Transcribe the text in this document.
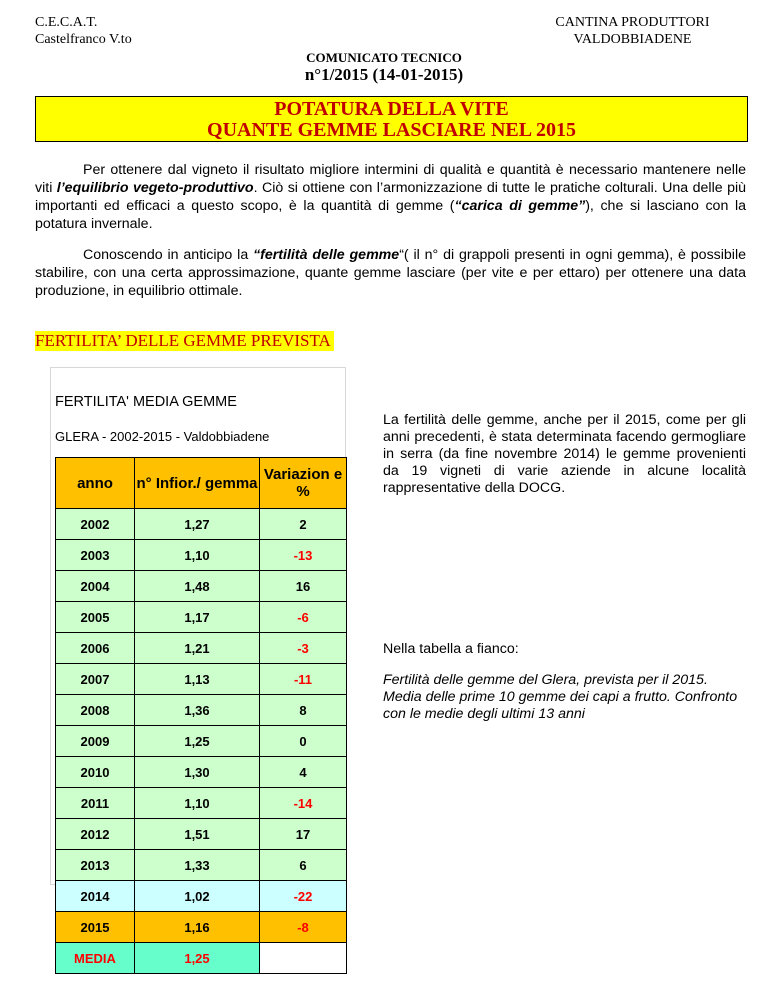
C.E.C.A.T.
Castelfranco V.to
CANTINA PRODUTTORI
VALDOBBIADENE
COMUNICATO TECNICO
n°1/2015 (14-01-2015)
POTATURA DELLA VITE
QUANTE GEMME LASCIARE NEL 2015
Per ottenere dal vigneto il risultato migliore intermini di qualità e quantità è necessario mantenere nelle viti l’equilibrio vegeto-produttivo. Ciò si ottiene con l’armonizzazione di tutte le pratiche colturali. Una delle più importanti ed efficaci a questo scopo, è la quantità di gemme (“carica di gemme”), che si lasciano con la potatura invernale.
Conoscendo in anticipo la “fertilità delle gemme“( il n° di grappoli presenti in ogni gemma), è possibile stabilire, con una certa approssimazione, quante gemme lasciare (per vite e per ettaro) per ottenere una data produzione, in equilibrio ottimale.
FERTILITA’ DELLE GEMME PREVISTA
FERTILITA' MEDIA GEMME
GLERA - 2002-2015 - Valdobbiadene
anno	n° Infior./ gemma	Variazion e %
2002	1,27	2
2003	1,10	-13
2004	1,48	16
2005	1,17	-6
2006	1,21	-3
2007	1,13	-11
2008	1,36	8
2009	1,25	0
2010	1,30	4
2011	1,10	-14
2012	1,51	17
2013	1,33	6
2014	1,02	-22
2015	1,16	-8
MEDIA	1,25	
La fertilità delle gemme, anche per il 2015, come per gli anni precedenti, è stata determinata facendo germogliare in serra (da fine novembre 2014) le gemme provenienti da 19 vigneti di varie aziende in alcune località rappresentative della DOCG.
Nella tabella a fianco:
Fertilità delle gemme del Glera, prevista per il 2015. Media delle prime 10 gemme dei capi a frutto. Confronto con le medie degli ultimi 13 anni
